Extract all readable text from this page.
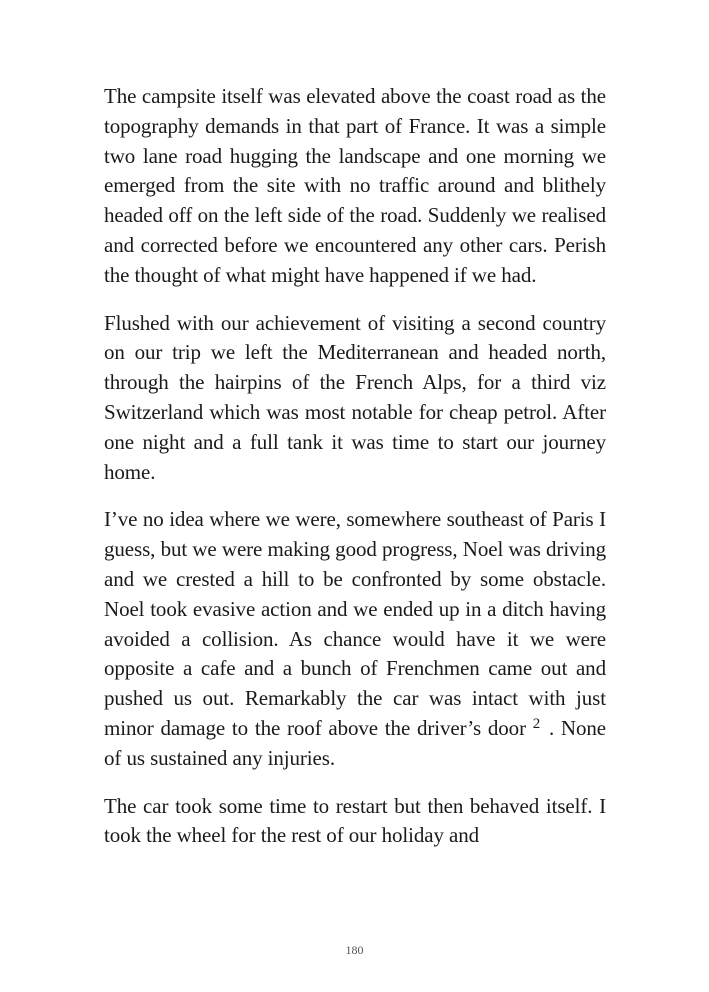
The campsite itself was elevated above the coast road as the topography demands in that part of France. It was a simple two lane road hugging the landscape and one morning we emerged from the site with no traffic around and blithely headed off on the left side of the road. Suddenly we realised and corrected before we encountered any other cars. Perish the thought of what might have happened if we had.

Flushed with our achievement of visiting a second country on our trip we left the Mediterranean and headed north, through the hairpins of the French Alps, for a third viz Switzerland which was most notable for cheap petrol. After one night and a full tank it was time to start our journey home.

I’ve no idea where we were, somewhere southeast of Paris I guess, but we were making good progress, Noel was driving and we crested a hill to be confronted by some obstacle. Noel took evasive action and we ended up in a ditch having avoided a collision. As chance would have it we were opposite a cafe and a bunch of Frenchmen came out and pushed us out. Remarkably the car was intact with just minor damage to the roof above the driver’s door $^2$ . None of us sustained any injuries.

The car took some time to restart but then behaved itself. I took the wheel for the rest of our holiday and

180
